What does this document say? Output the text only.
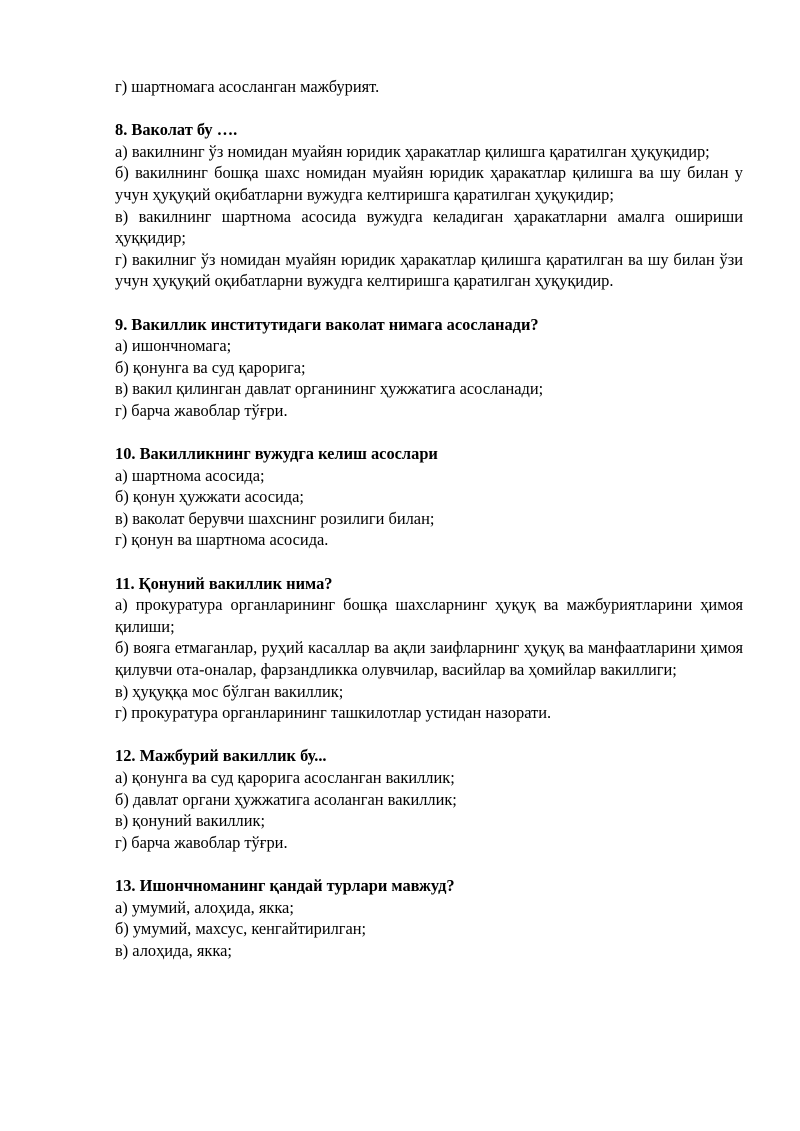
г) шартномага асосланган мажбурият.

8. Ваколат бу ….

а) вакилнинг ўз номидан муайян юридик ҳаракатлар қилишга қаратилган ҳуқуқидир;

б) вакилнинг бошқа шахс номидан муайян юридик ҳаракатлар қилишга ва шу билан у учун ҳуқуқий оқибатларни вужудга келтиришга қаратилган ҳуқуқидир;

в) вакилнинг шартнома асосида вужудга келадиган ҳаракатларни амалга ошириши ҳуққидир;

г) вакилниг ўз номидан муайян юридик ҳаракатлар қилишга қаратилган ва шу билан ўзи учун ҳуқуқий оқибатларни вужудга келтиришга қаратилган ҳуқуқидир.

9. Вакиллик институтидаги ваколат нимага асосланади?

а) ишончномага;

б) қонунга ва суд қарорига;

в) вакил қилинган давлат органининг ҳужжатига асосланади;

г) барча жавоблар тўғри.

10. Вакилликнинг вужудга келиш асослари

а) шартнома асосида;

б) қонун ҳужжати асосида;

в) ваколат берувчи шахснинг розилиги билан;

г) қонун ва шартнома асосида.

11. Қонуний вакиллик нима?

а) прокуратура органларининг бошқа шахсларнинг ҳуқуқ ва мажбуриятларини ҳимоя қилиши;

б) вояга етмаганлар, руҳий касаллар ва ақли заифларнинг ҳуқуқ ва манфаатларини ҳимоя қилувчи ота-оналар, фарзандликка олувчилар, васийлар ва ҳомийлар вакиллиги;

в) ҳуқуққа мос бўлган вакиллик;

г) прокуратура органларининг ташкилотлар устидан назорати.

12. Мажбурий вакиллик бу...

а) қонунга ва суд қарорига асосланган вакиллик;

б) давлат органи ҳужжатига асоланган вакиллик;

в) қонуний вакиллик;

г) барча жавоблар тўғри.

13. Ишончноманинг қандай турлари мавжуд?

а) умумий, алоҳида, якка;

б) умумий, махсус, кенгайтирилган;

в) алоҳида, якка;
